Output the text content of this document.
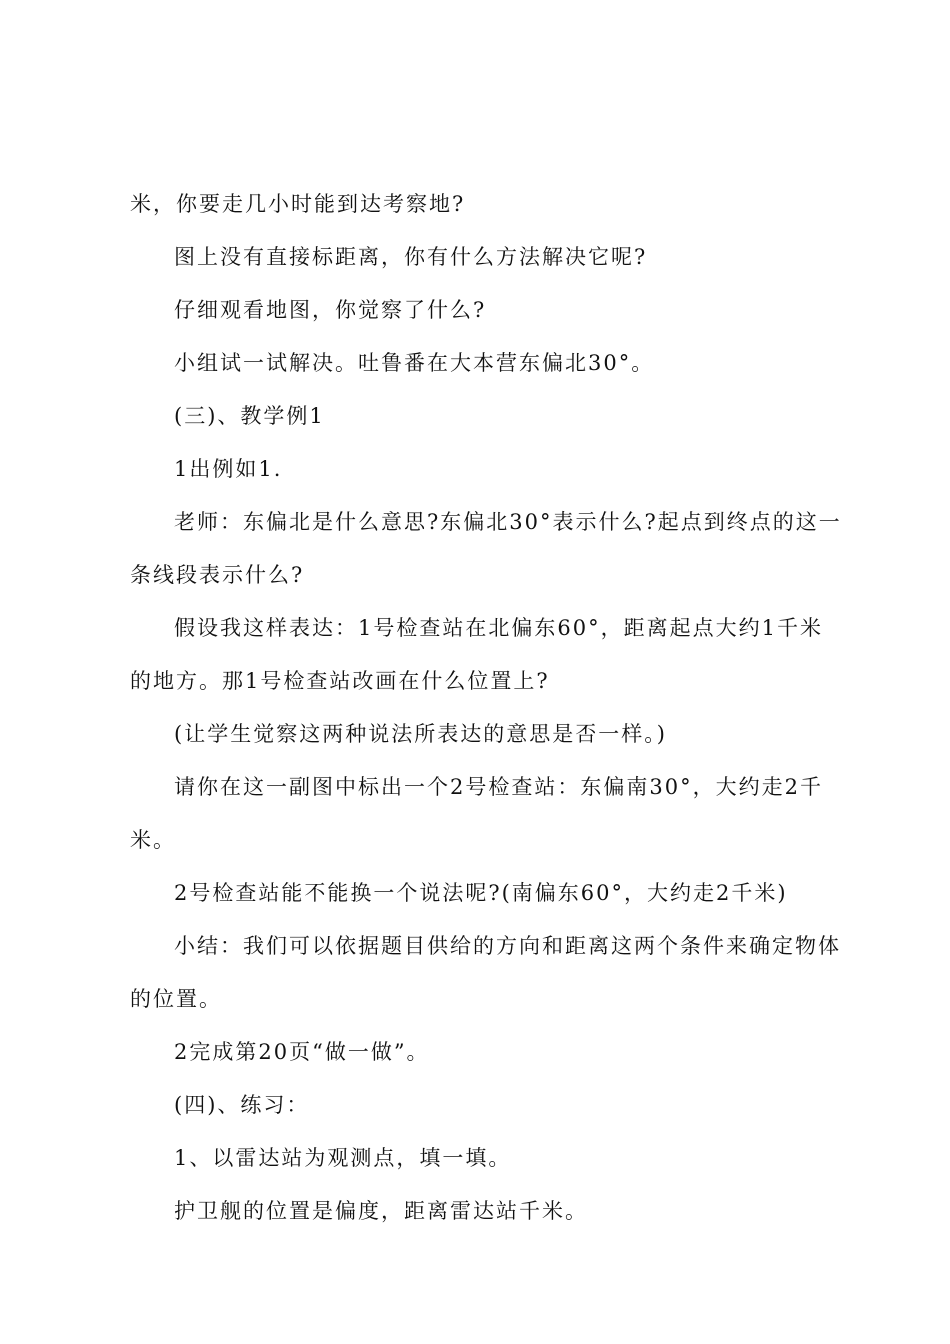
米，你要走几小时能到达考察地?
图上没有直接标距离，你有什么方法解决它呢?
仔细观看地图，你觉察了什么?
小组试一试解决。吐鲁番在大本营东偏北30°。
(三)、教学例1
1出例如1.
老师：东偏北是什么意思?东偏北30°表示什么?起点到终点的这一
条线段表示什么?
假设我这样表达：1号检查站在北偏东60°，距离起点大约1千米
的地方。那1号检查站改画在什么位置上?
(让学生觉察这两种说法所表达的意思是否一样。)
请你在这一副图中标出一个2号检查站：东偏南30°，大约走2千
米。
2号检查站能不能换一个说法呢?(南偏东60°，大约走2千米)
小结：我们可以依据题目供给的方向和距离这两个条件来确定物体
的位置。
2完成第20页“做一做”。
(四)、练习：
1、以雷达站为观测点，填一填。
护卫舰的位置是偏度，距离雷达站千米。
